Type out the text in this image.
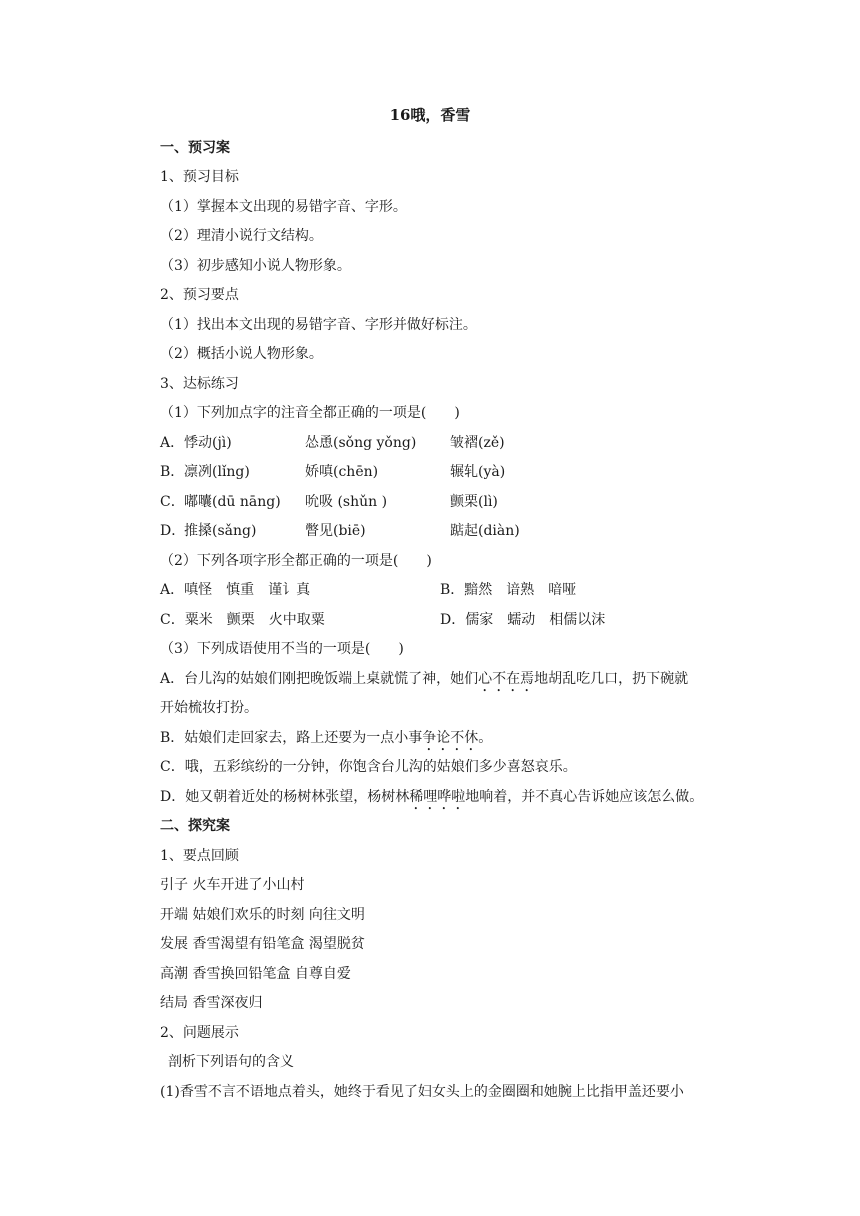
16哦，香雪
一、预习案
1、预习目标
（1）掌握本文出现的易错字音、字形。
（2）理清小说行文结构。
（3）初步感知小说人物形象。
2、预习要点
（1）找出本文出现的易错字音、字形并做好标注。
（2）概括小说人物形象。
3、达标练习
（1）下列加点字的注音全都正确的一项是(　　)
A． 悸动(jì)	怂恿(sǒng yǒng) 皱褶(zě)
B． 凛冽(lǐng)	娇嗔(chēn)	辗轧(yà)
C． 嘟囔(dū nāng) 吮吸 (shǔn )	颤栗(lì)
D．
推搡(sǎng)	瞥见(biē)	踮起(diàn)
（2）下列各项字形全都正确的一项是(　　)
A．嗔怪　慎重　谨讠真	B．黯然　谙熟　喑哑
C．粟米　颤栗　火中取粟	D．儒家　蠕动　相儒以沫
（3）下列成语使用不当的一项是(　　)
A．台儿沟的姑娘们刚把晚饭端上桌就慌了神，她们心不在焉地胡乱吃几口，扔下碗就
开始梳妆打扮。
B．姑娘们走回家去，路上还要为一点小事争论不休。
C．哦，五彩缤纷的一分钟，你饱含台儿沟的姑娘们多少喜怒哀乐。
D．她又朝着近处的杨树林张望，杨树林稀哩哗啦地响着，并不真心告诉她应该怎么做。
二、探究案
1、要点回顾
引子 火车开进了小山村
开端 姑娘们欢乐的时刻 向往文明
发展 香雪渴望有铅笔盒 渴望脱贫
高潮 香雪换回铅笔盒 自尊自爱
结局 香雪深夜归
2、问题展示
剖析下列语句的含义
(1)香雪不言不语地点着头，她终于看见了妇女头上的金圈圈和她腕上比指甲盖还要小
